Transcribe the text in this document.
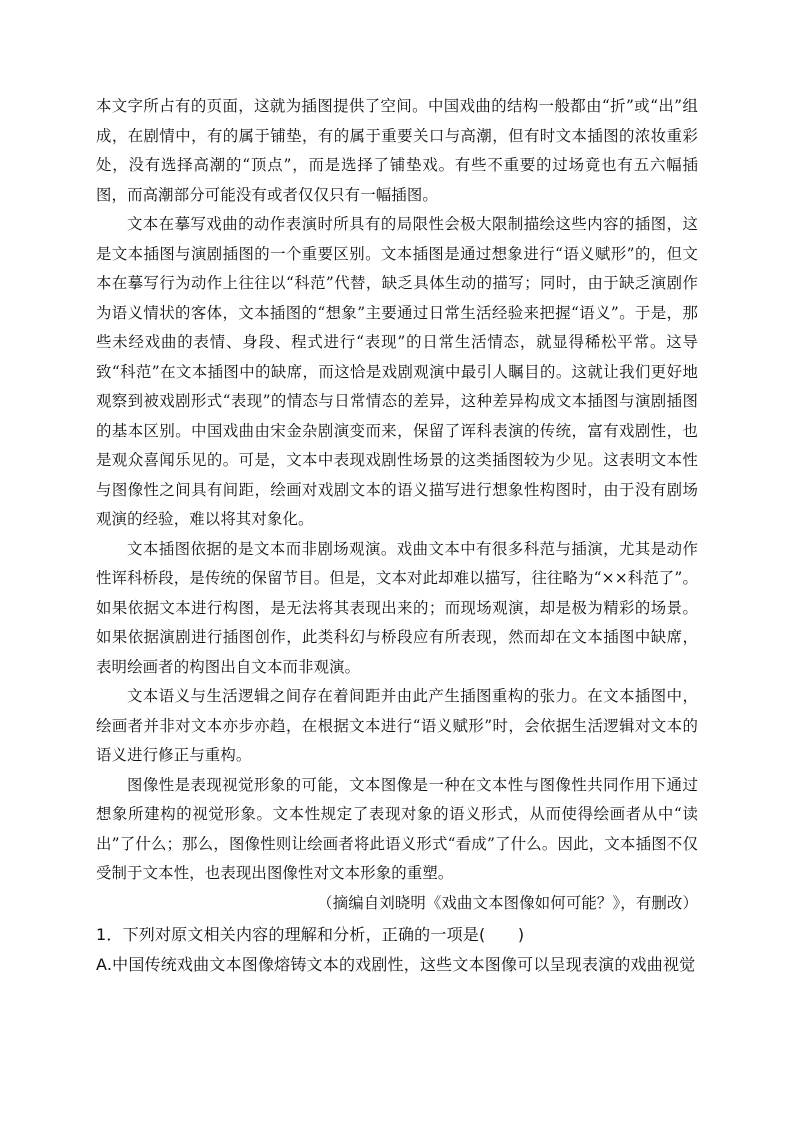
本文字所占有的页面，这就为插图提供了空间。中国戏曲的结构一般都由“折”或“出”组成，在剧情中，有的属于铺垫，有的属于重要关口与高潮，但有时文本插图的浓妆重彩处，没有选择高潮的“顶点”，而是选择了铺垫戏。有些不重要的过场竟也有五六幅插图，而高潮部分可能没有或者仅仅只有一幅插图。

文本在摹写戏曲的动作表演时所具有的局限性会极大限制描绘这些内容的插图，这是文本插图与演剧插图的一个重要区别。文本插图是通过想象进行“语义赋形”的，但文本在摹写行为动作上往往以“科范”代替，缺乏具体生动的描写；同时，由于缺乏演剧作为语义情状的客体，文本插图的“想象”主要通过日常生活经验来把握“语义”。于是，那些未经戏曲的表情、身段、程式进行“表现”的日常生活情态，就显得稀松平常。这导致“科范”在文本插图中的缺席，而这恰是戏剧观演中最引人瞩目的。这就让我们更好地观察到被戏剧形式“表现”的情态与日常情态的差异，这种差异构成文本插图与演剧插图的基本区别。中国戏曲由宋金杂剧演变而来，保留了诨科表演的传统，富有戏剧性，也是观众喜闻乐见的。可是，文本中表现戏剧性场景的这类插图较为少见。这表明文本性与图像性之间具有间距，绘画对戏剧文本的语义描写进行想象性构图时，由于没有剧场观演的经验，难以将其对象化。

文本插图依据的是文本而非剧场观演。戏曲文本中有很多科范与插演，尤其是动作性诨科桥段，是传统的保留节目。但是，文本对此却难以描写，往往略为“××科范了”。如果依据文本进行构图，是无法将其表现出来的；而现场观演，却是极为精彩的场景。如果依据演剧进行插图创作，此类科幻与桥段应有所表现，然而却在文本插图中缺席，表明绘画者的构图出自文本而非观演。

文本语义与生活逻辑之间存在着间距并由此产生插图重构的张力。在文本插图中，绘画者并非对文本亦步亦趋，在根据文本进行“语义赋形”时，会依据生活逻辑对文本的语义进行修正与重构。

图像性是表现视觉形象的可能，文本图像是一种在文本性与图像性共同作用下通过想象所建构的视觉形象。文本性规定了表现对象的语义形式，从而使得绘画者从中“读出”了什么；那么，图像性则让绘画者将此语义形式“看成”了什么。因此，文本插图不仅受制于文本性，也表现出图像性对文本形象的重塑。

（摘编自刘晓明《戏曲文本图像如何可能？》，有删改）

1．下列对原文相关内容的理解和分析，正确的一项是(　　)

A.中国传统戏曲文本图像熔铸文本的戏剧性，这些文本图像可以呈现表演的戏曲视觉
